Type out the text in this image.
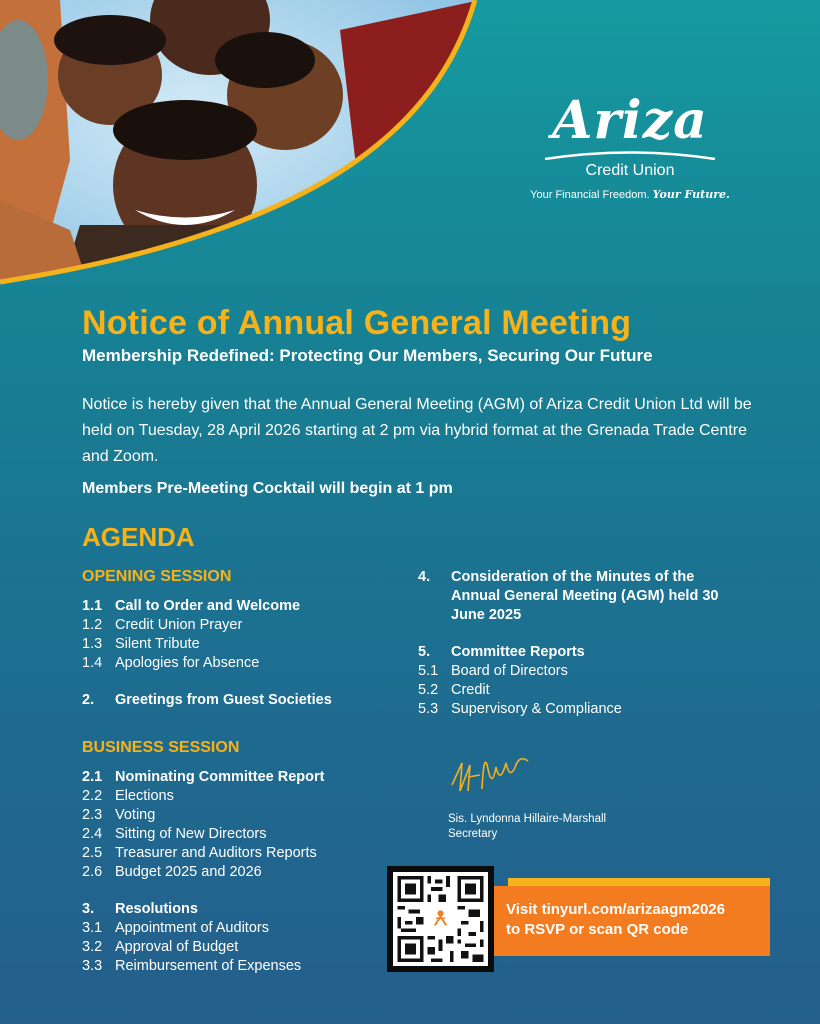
Ariza
Credit Union
Your Financial Freedom. Your Future.
Notice of Annual General Meeting
Membership Redefined: Protecting Our Members, Securing Our Future
Notice is hereby given that the Annual General Meeting (AGM) of Ariza Credit Union Ltd will be held on Tuesday, 28 April 2026 starting at 2 pm via hybrid format at the Grenada Trade Centre and Zoom.
Members Pre-Meeting Cocktail will begin at 1 pm
AGENDA
OPENING SESSION
1.1 Call to Order and Welcome
1.2 Credit Union Prayer
1.3 Silent Tribute
1.4 Apologies for Absence
2.	Greetings from Guest Societies
BUSINESS SESSION
2.1 Nominating Committee Report
2.2 Elections
2.3 Voting
2.4 Sitting of New Directors
2.5 Treasurer and Auditors Reports
2.6 Budget 2025 and 2026
3.	Resolutions
3.1 Appointment of Auditors
3.2 Approval of Budget
3.3 Reimbursement of Expenses
4.	Consideration of the Minutes of the Annual General Meeting (AGM) held 30 June 2025
5.	Committee Reports
5.1 Board of Directors
5.2 Credit
5.3 Supervisory & Compliance
Sis. Lyndonna Hillaire-Marshall
Secretary
Visit tinyurl.com/arizaagm2026
to RSVP or scan QR code
